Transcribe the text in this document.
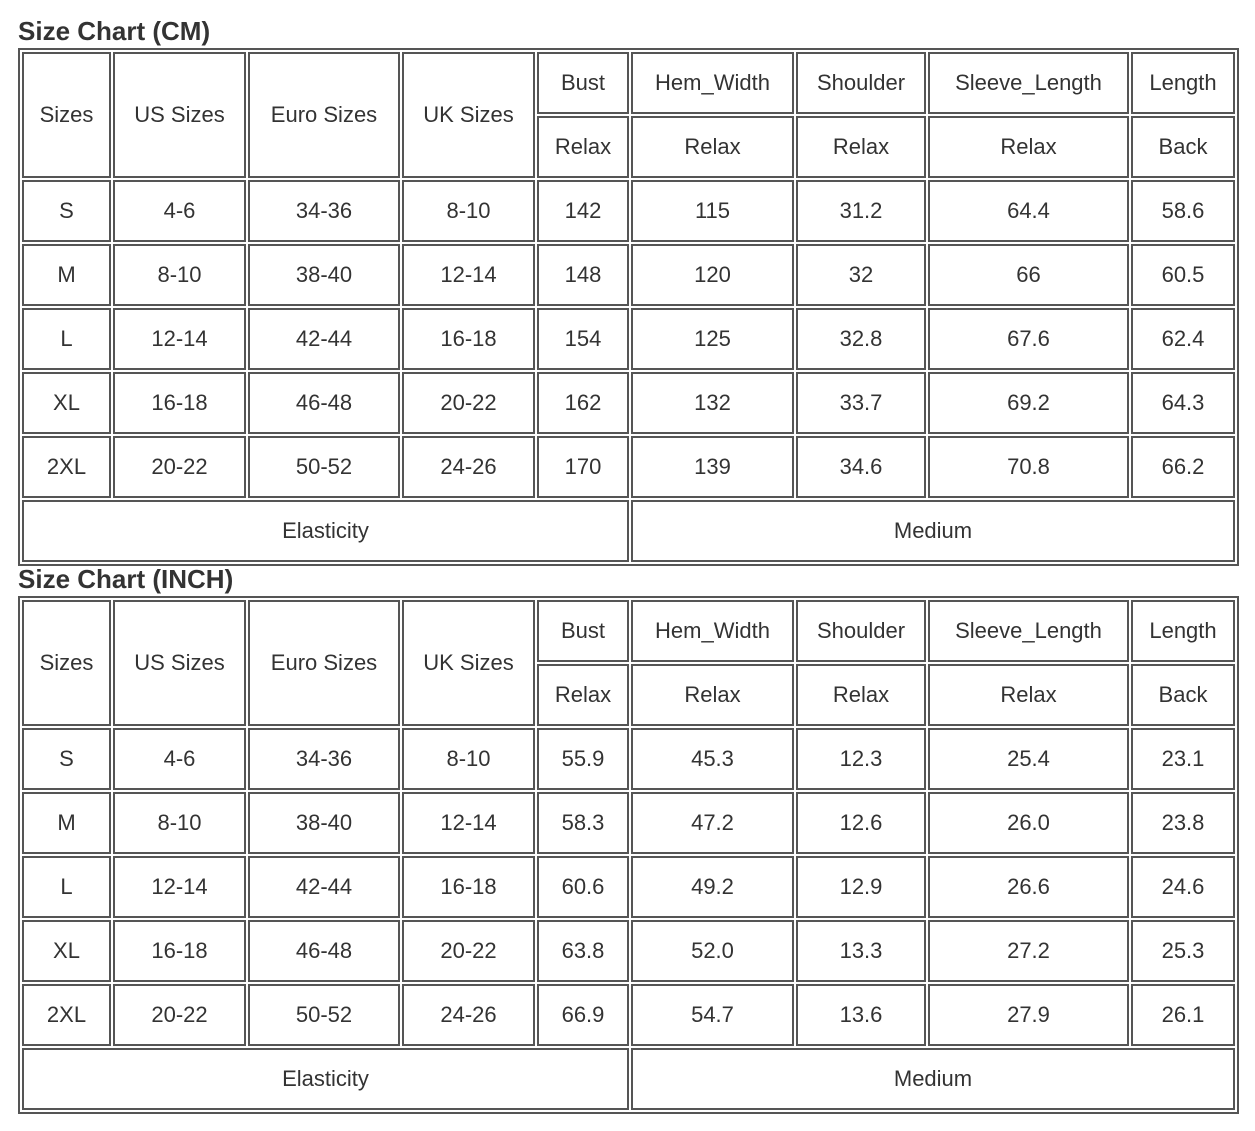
Size Chart (CM)
Sizes	US Sizes	Euro Sizes	UK Sizes	Bust	Hem_Width	Shoulder	Sleeve_Length	Length
				Relax	Relax	Relax	Relax	Back
S	4-6	34-36	8-10	142	115	31.2	64.4	58.6
M	8-10	38-40	12-14	148	120	32	66	60.5
L	12-14	42-44	16-18	154	125	32.8	67.6	62.4
XL	16-18	46-48	20-22	162	132	33.7	69.2	64.3
2XL	20-22	50-52	24-26	170	139	34.6	70.8	66.2
Elasticity					Medium			
Size Chart (INCH)
Sizes	US Sizes	Euro Sizes	UK Sizes	Bust	Hem_Width	Shoulder	Sleeve_Length	Length
				Relax	Relax	Relax	Relax	Back
S	4-6	34-36	8-10	55.9	45.3	12.3	25.4	23.1
M	8-10	38-40	12-14	58.3	47.2	12.6	26.0	23.8
L	12-14	42-44	16-18	60.6	49.2	12.9	26.6	24.6
XL	16-18	46-48	20-22	63.8	52.0	13.3	27.2	25.3
2XL	20-22	50-52	24-26	66.9	54.7	13.6	27.9	26.1
Elasticity					Medium			
